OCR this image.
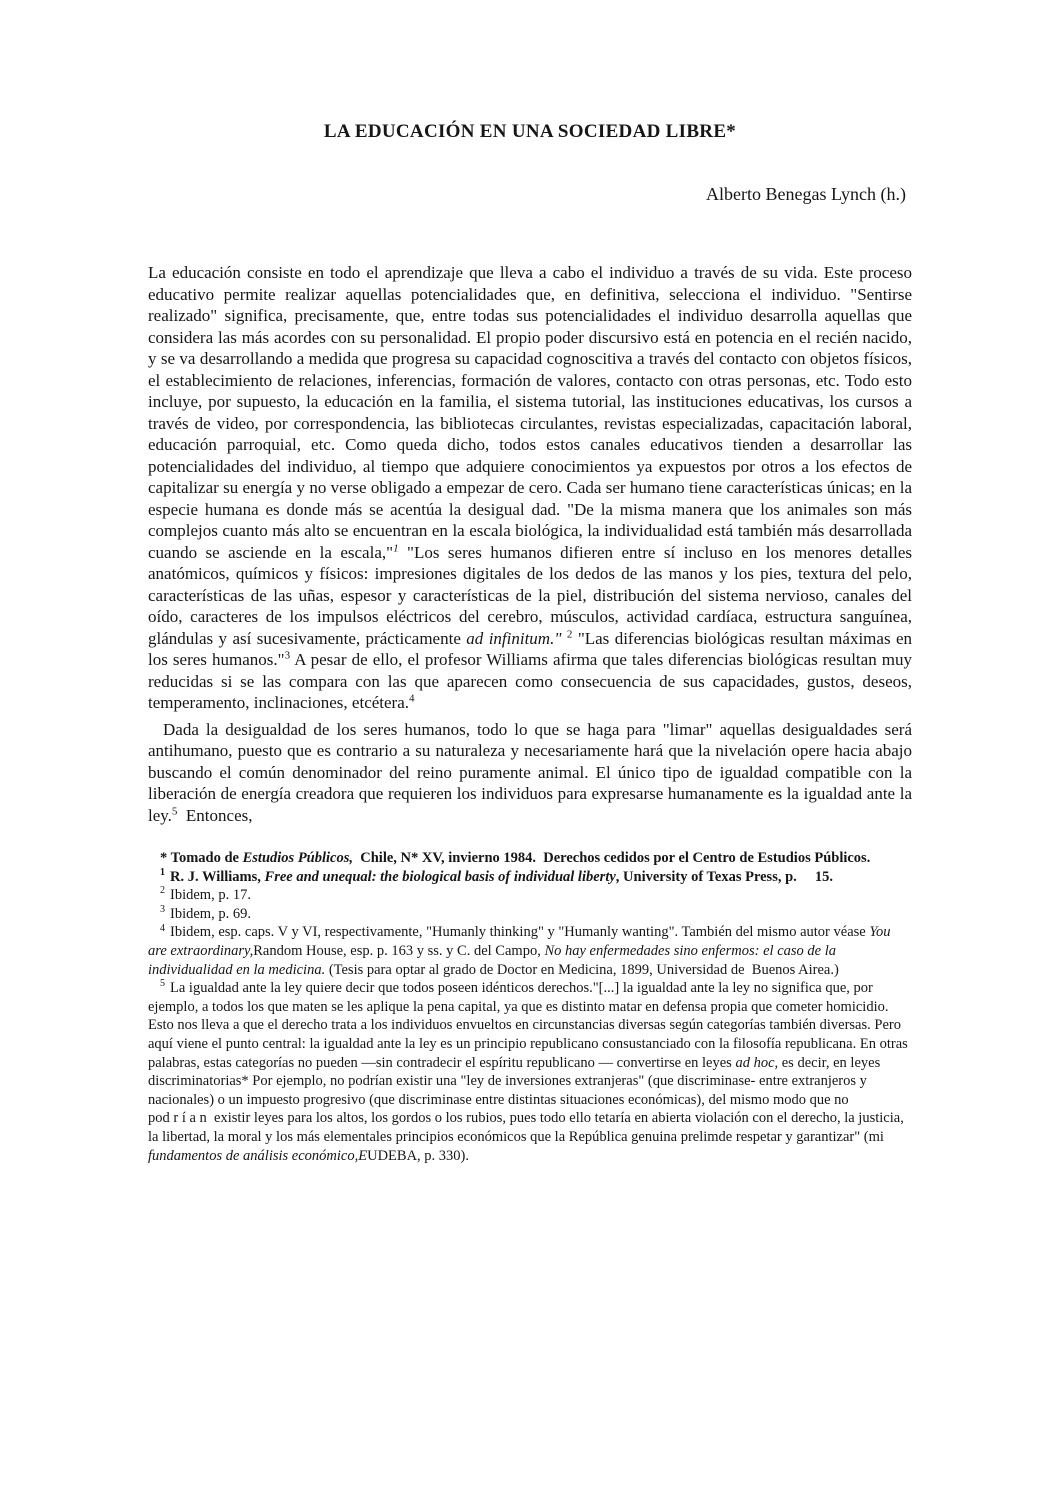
LA EDUCACIÓN EN UNA SOCIEDAD LIBRE*
Alberto Benegas Lynch (h.)

La educación consiste en todo el aprendizaje que lleva a cabo el individuo a través de su vida. Este proceso educativo permite realizar aquellas potencialidades que, en definitiva, selecciona el individuo. "Sentirse realizado" significa, precisamente, que, entre todas sus potencialidades el individuo desarrolla aquellas que considera las más acordes con su personalidad. El propio poder discursivo está en potencia en el recién nacido, y se va desarrollando a medida que progresa su capacidad cognoscitiva a través del contacto con objetos físicos, el establecimiento de relaciones, inferencias, formación de valores, contacto con otras personas, etc. Todo esto incluye, por supuesto, la educación en la familia, el sistema tutorial, las instituciones educativas, los cursos a través de video, por correspondencia, las bibliotecas circulantes, revistas especializadas, capacitación laboral, educación parroquial, etc. Como queda dicho, todos estos canales educativos tienden a desarrollar las potencialidades del individuo, al tiempo que adquiere conocimientos ya expuestos por otros a los efectos de capitalizar su energía y no verse obligado a empezar de cero. Cada ser humano tiene características únicas; en la especie humana es donde más se acentúa la desigual dad. "De la misma manera que los animales son más complejos cuanto más alto se encuentran en la escala biológica, la individualidad está también más desarrollada cuando se asciende en la escala,"$^1$ "Los seres humanos difieren entre sí incluso en los menores detalles anatómicos, químicos y físicos: impresiones digitales de los dedos de las manos y los pies, textura del pelo, características de las uñas, espesor y características de la piel, distribución del sistema nervioso, canales del oído, caracteres de los impulsos eléctricos del cerebro, músculos, actividad cardíaca, estructura sanguínea, glándulas y así sucesivamente, prácticamente ad infinitum." $^2$ "Las diferencias biológicas resultan máximas en los seres humanos."$^3$ A pesar de ello, el profesor Williams afirma que tales diferencias biológicas resultan muy reducidas si se las compara con las que aparecen como consecuencia de sus capacidades, gustos, deseos, temperamento, inclinaciones, etcétera.$^4$

Dada la desigualdad de los seres humanos, todo lo que se haga para "limar" aquellas desigualdades será antihumano, puesto que es contrario a su naturaleza y necesariamente hará que la nivelación opere hacia abajo buscando el común denominador del reino puramente animal. El único tipo de igualdad compatible con la liberación de energía creadora que requieren los individuos para expresarse humanamente es la igualdad ante la ley.$^5$  Entonces,

* Tomado de Estudios Públicos,  Chile, N* XV, invierno 1984.  Derechos cedidos por el Centro de Estudios Públicos.

$^1$ R. J. Williams, Free and unequal: the biological basis of individual liberty, University of Texas Press, p.     15.

$^2$ Ibidem, p. 17.

$^3$ Ibidem, p. 69.

$^4$ Ibidem, esp. caps. V y VI, respectivamente, "Humanly thinking" y "Humanly wanting". También del mismo autor véase You are extraordinary,Random House, esp. p. 163 y ss. y C. del Campo, No hay enfermedades sino enfermos: el caso de la individualidad en la medicina. (Tesis para optar al grado de Doctor en Medicina, 1899, Universidad de  Buenos Airea.)

$^5$ La igualdad ante la ley quiere decir que todos poseen idénticos derechos."[...] la igualdad ante la ley no significa que, por ejemplo, a todos los que maten se les aplique la pena capital, ya que es distinto matar en defensa propia que cometer homicidio. Esto nos lleva a que el derecho trata a los individuos envueltos en circunstancias diversas según categorías también diversas. Pero aquí viene el punto central: la igualdad ante la ley es un principio republicano consustanciado con la filosofía republicana. En otras palabras, estas categorías no pueden —sin contradecir el espíritu republicano — convertirse en leyes ad hoc, es decir, en leyes discriminatorias* Por ejemplo, no podrían existir una "ley de inversiones extranjeras" (que discriminase- entre extranjeros y nacionales) o un impuesto progresivo (que discriminase entre distintas situaciones económicas), del mismo modo que no pod r í a n  existir leyes para los altos, los gordos o los rubios, pues todo ello tetaría en abierta violación con el derecho, la justicia, la libertad, la moral y los más elementales principios económicos que la República genuina prelimde respetar y garantizar" (mi fundamentos de análisis económico,EUDEBA, p. 330).
